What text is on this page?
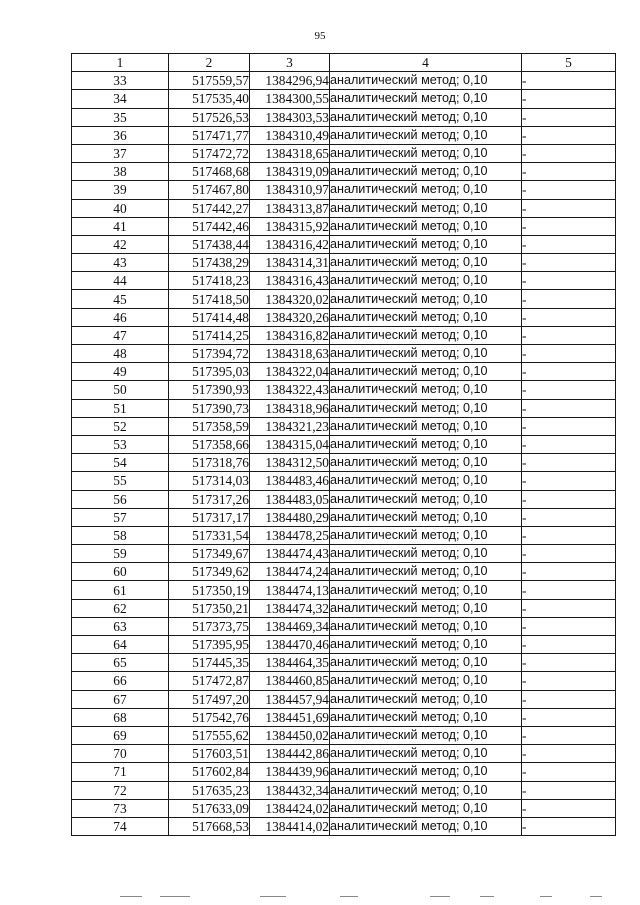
95
1	2	3	4	5
33	517559,57	1384296,94	аналитический метод; 0,10	-
34	517535,40	1384300,55	аналитический метод; 0,10	-
35	517526,53	1384303,53	аналитический метод; 0,10	-
36	517471,77	1384310,49	аналитический метод; 0,10	-
37	517472,72	1384318,65	аналитический метод; 0,10	-
38	517468,68	1384319,09	аналитический метод; 0,10	-
39	517467,80	1384310,97	аналитический метод; 0,10	-
40	517442,27	1384313,87	аналитический метод; 0,10	-
41	517442,46	1384315,92	аналитический метод; 0,10	-
42	517438,44	1384316,42	аналитический метод; 0,10	-
43	517438,29	1384314,31	аналитический метод; 0,10	-
44	517418,23	1384316,43	аналитический метод; 0,10	-
45	517418,50	1384320,02	аналитический метод; 0,10	-
46	517414,48	1384320,26	аналитический метод; 0,10	-
47	517414,25	1384316,82	аналитический метод; 0,10	-
48	517394,72	1384318,63	аналитический метод; 0,10	-
49	517395,03	1384322,04	аналитический метод; 0,10	-
50	517390,93	1384322,43	аналитический метод; 0,10	-
51	517390,73	1384318,96	аналитический метод; 0,10	-
52	517358,59	1384321,23	аналитический метод; 0,10	-
53	517358,66	1384315,04	аналитический метод; 0,10	-
54	517318,76	1384312,50	аналитический метод; 0,10	-
55	517314,03	1384483,46	аналитический метод; 0,10	-
56	517317,26	1384483,05	аналитический метод; 0,10	-
57	517317,17	1384480,29	аналитический метод; 0,10	-
58	517331,54	1384478,25	аналитический метод; 0,10	-
59	517349,67	1384474,43	аналитический метод; 0,10	-
60	517349,62	1384474,24	аналитический метод; 0,10	-
61	517350,19	1384474,13	аналитический метод; 0,10	-
62	517350,21	1384474,32	аналитический метод; 0,10	-
63	517373,75	1384469,34	аналитический метод; 0,10	-
64	517395,95	1384470,46	аналитический метод; 0,10	-
65	517445,35	1384464,35	аналитический метод; 0,10	-
66	517472,87	1384460,85	аналитический метод; 0,10	-
67	517497,20	1384457,94	аналитический метод; 0,10	-
68	517542,76	1384451,69	аналитический метод; 0,10	-
69	517555,62	1384450,02	аналитический метод; 0,10	-
70	517603,51	1384442,86	аналитический метод; 0,10	-
71	517602,84	1384439,96	аналитический метод; 0,10	-
72	517635,23	1384432,34	аналитический метод; 0,10	-
73	517633,09	1384424,02	аналитический метод; 0,10	-
74	517668,53	1384414,02	аналитический метод; 0,10	-
